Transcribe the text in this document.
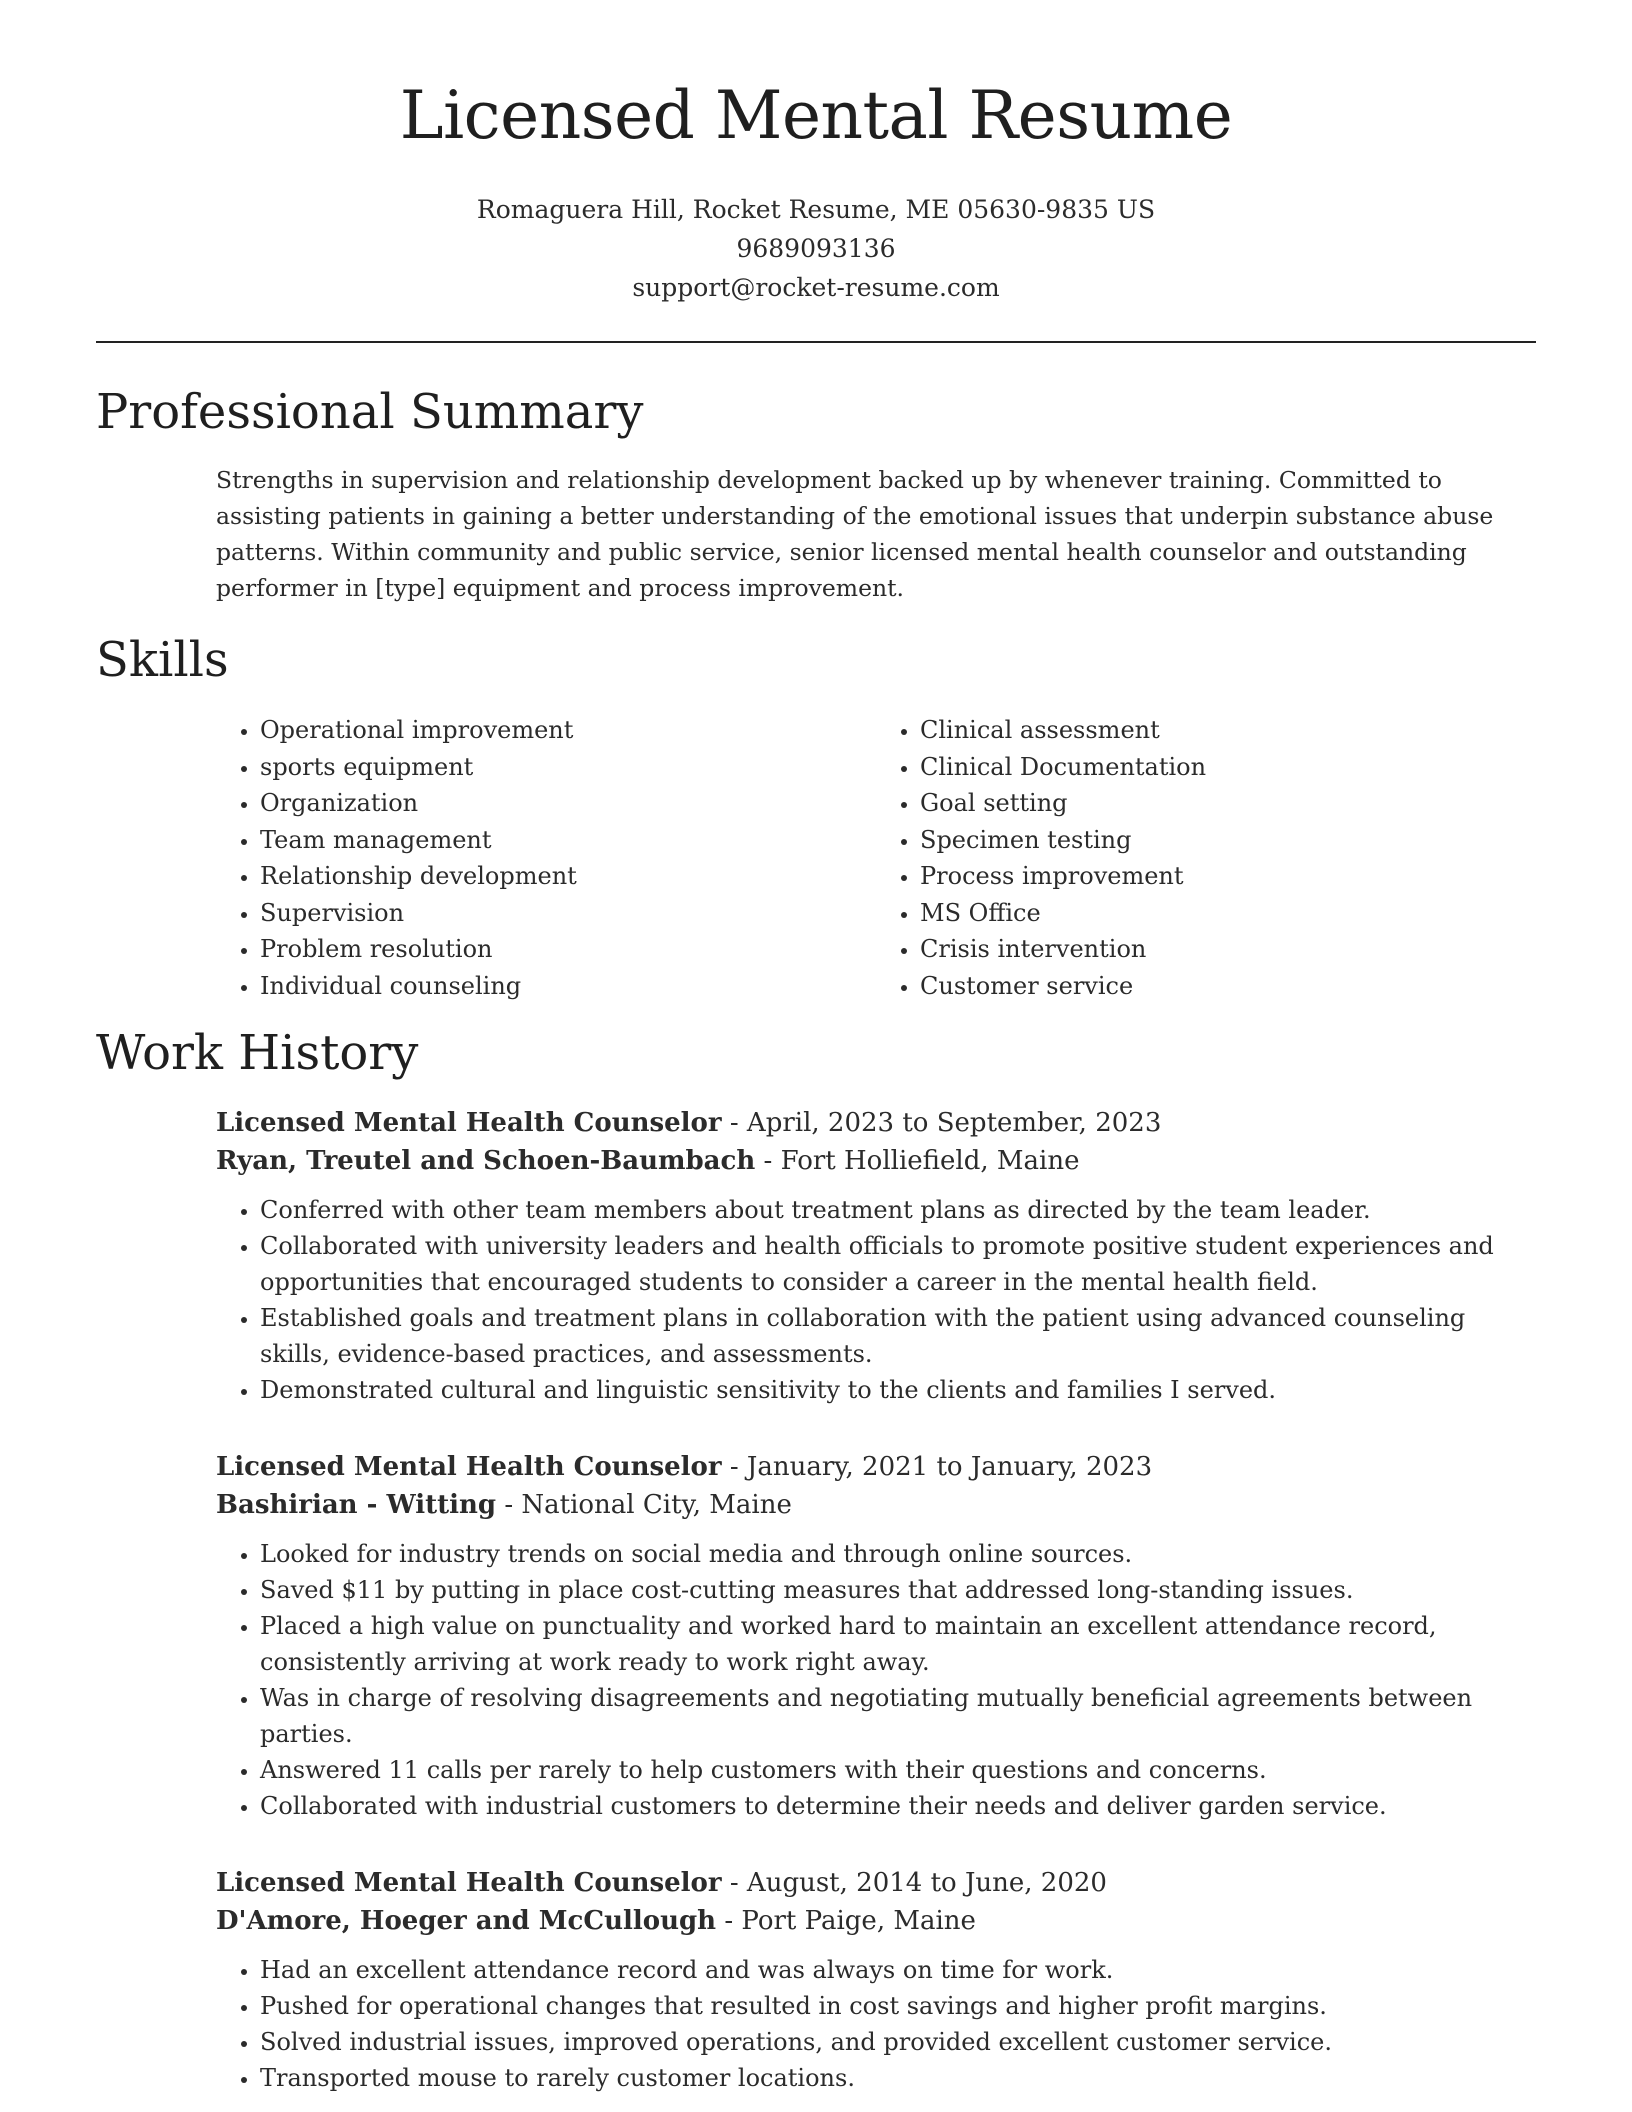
Licensed Mental Resume
Romaguera Hill, Rocket Resume, ME 05630-9835 US
9689093136
support@rocket-resume.com
Professional Summary
Strengths in supervision and relationship development backed up by whenever training. Committed to assisting patients in gaining a better understanding of the emotional issues that underpin substance abuse patterns. Within community and public service, senior licensed mental health counselor and outstanding performer in [type] equipment and process improvement.
Skills
• Operational improvement
• sports equipment
• Organization
• Team management
• Relationship development
• Supervision
• Problem resolution
• Individual counseling
• Clinical assessment
• Clinical Documentation
• Goal setting
• Specimen testing
• Process improvement
• MS Office
• Crisis intervention
• Customer service
Work History
Licensed Mental Health Counselor - April, 2023 to September, 2023
Ryan, Treutel and Schoen-Baumbach - Fort Holliefield, Maine
• Conferred with other team members about treatment plans as directed by the team leader.
• Collaborated with university leaders and health officials to promote positive student experiences and opportunities that encouraged students to consider a career in the mental health field.
• Established goals and treatment plans in collaboration with the patient using advanced counseling skills, evidence-based practices, and assessments.
• Demonstrated cultural and linguistic sensitivity to the clients and families I served.
Licensed Mental Health Counselor - January, 2021 to January, 2023
Bashirian - Witting - National City, Maine
• Looked for industry trends on social media and through online sources.
• Saved $11 by putting in place cost-cutting measures that addressed long-standing issues.
• Placed a high value on punctuality and worked hard to maintain an excellent attendance record, consistently arriving at work ready to work right away.
• Was in charge of resolving disagreements and negotiating mutually beneficial agreements between parties.
• Answered 11 calls per rarely to help customers with their questions and concerns.
• Collaborated with industrial customers to determine their needs and deliver garden service.
Licensed Mental Health Counselor - August, 2014 to June, 2020
D'Amore, Hoeger and McCullough - Port Paige, Maine
• Had an excellent attendance record and was always on time for work.
• Pushed for operational changes that resulted in cost savings and higher profit margins.
• Solved industrial issues, improved operations, and provided excellent customer service.
• Transported mouse to rarely customer locations.
